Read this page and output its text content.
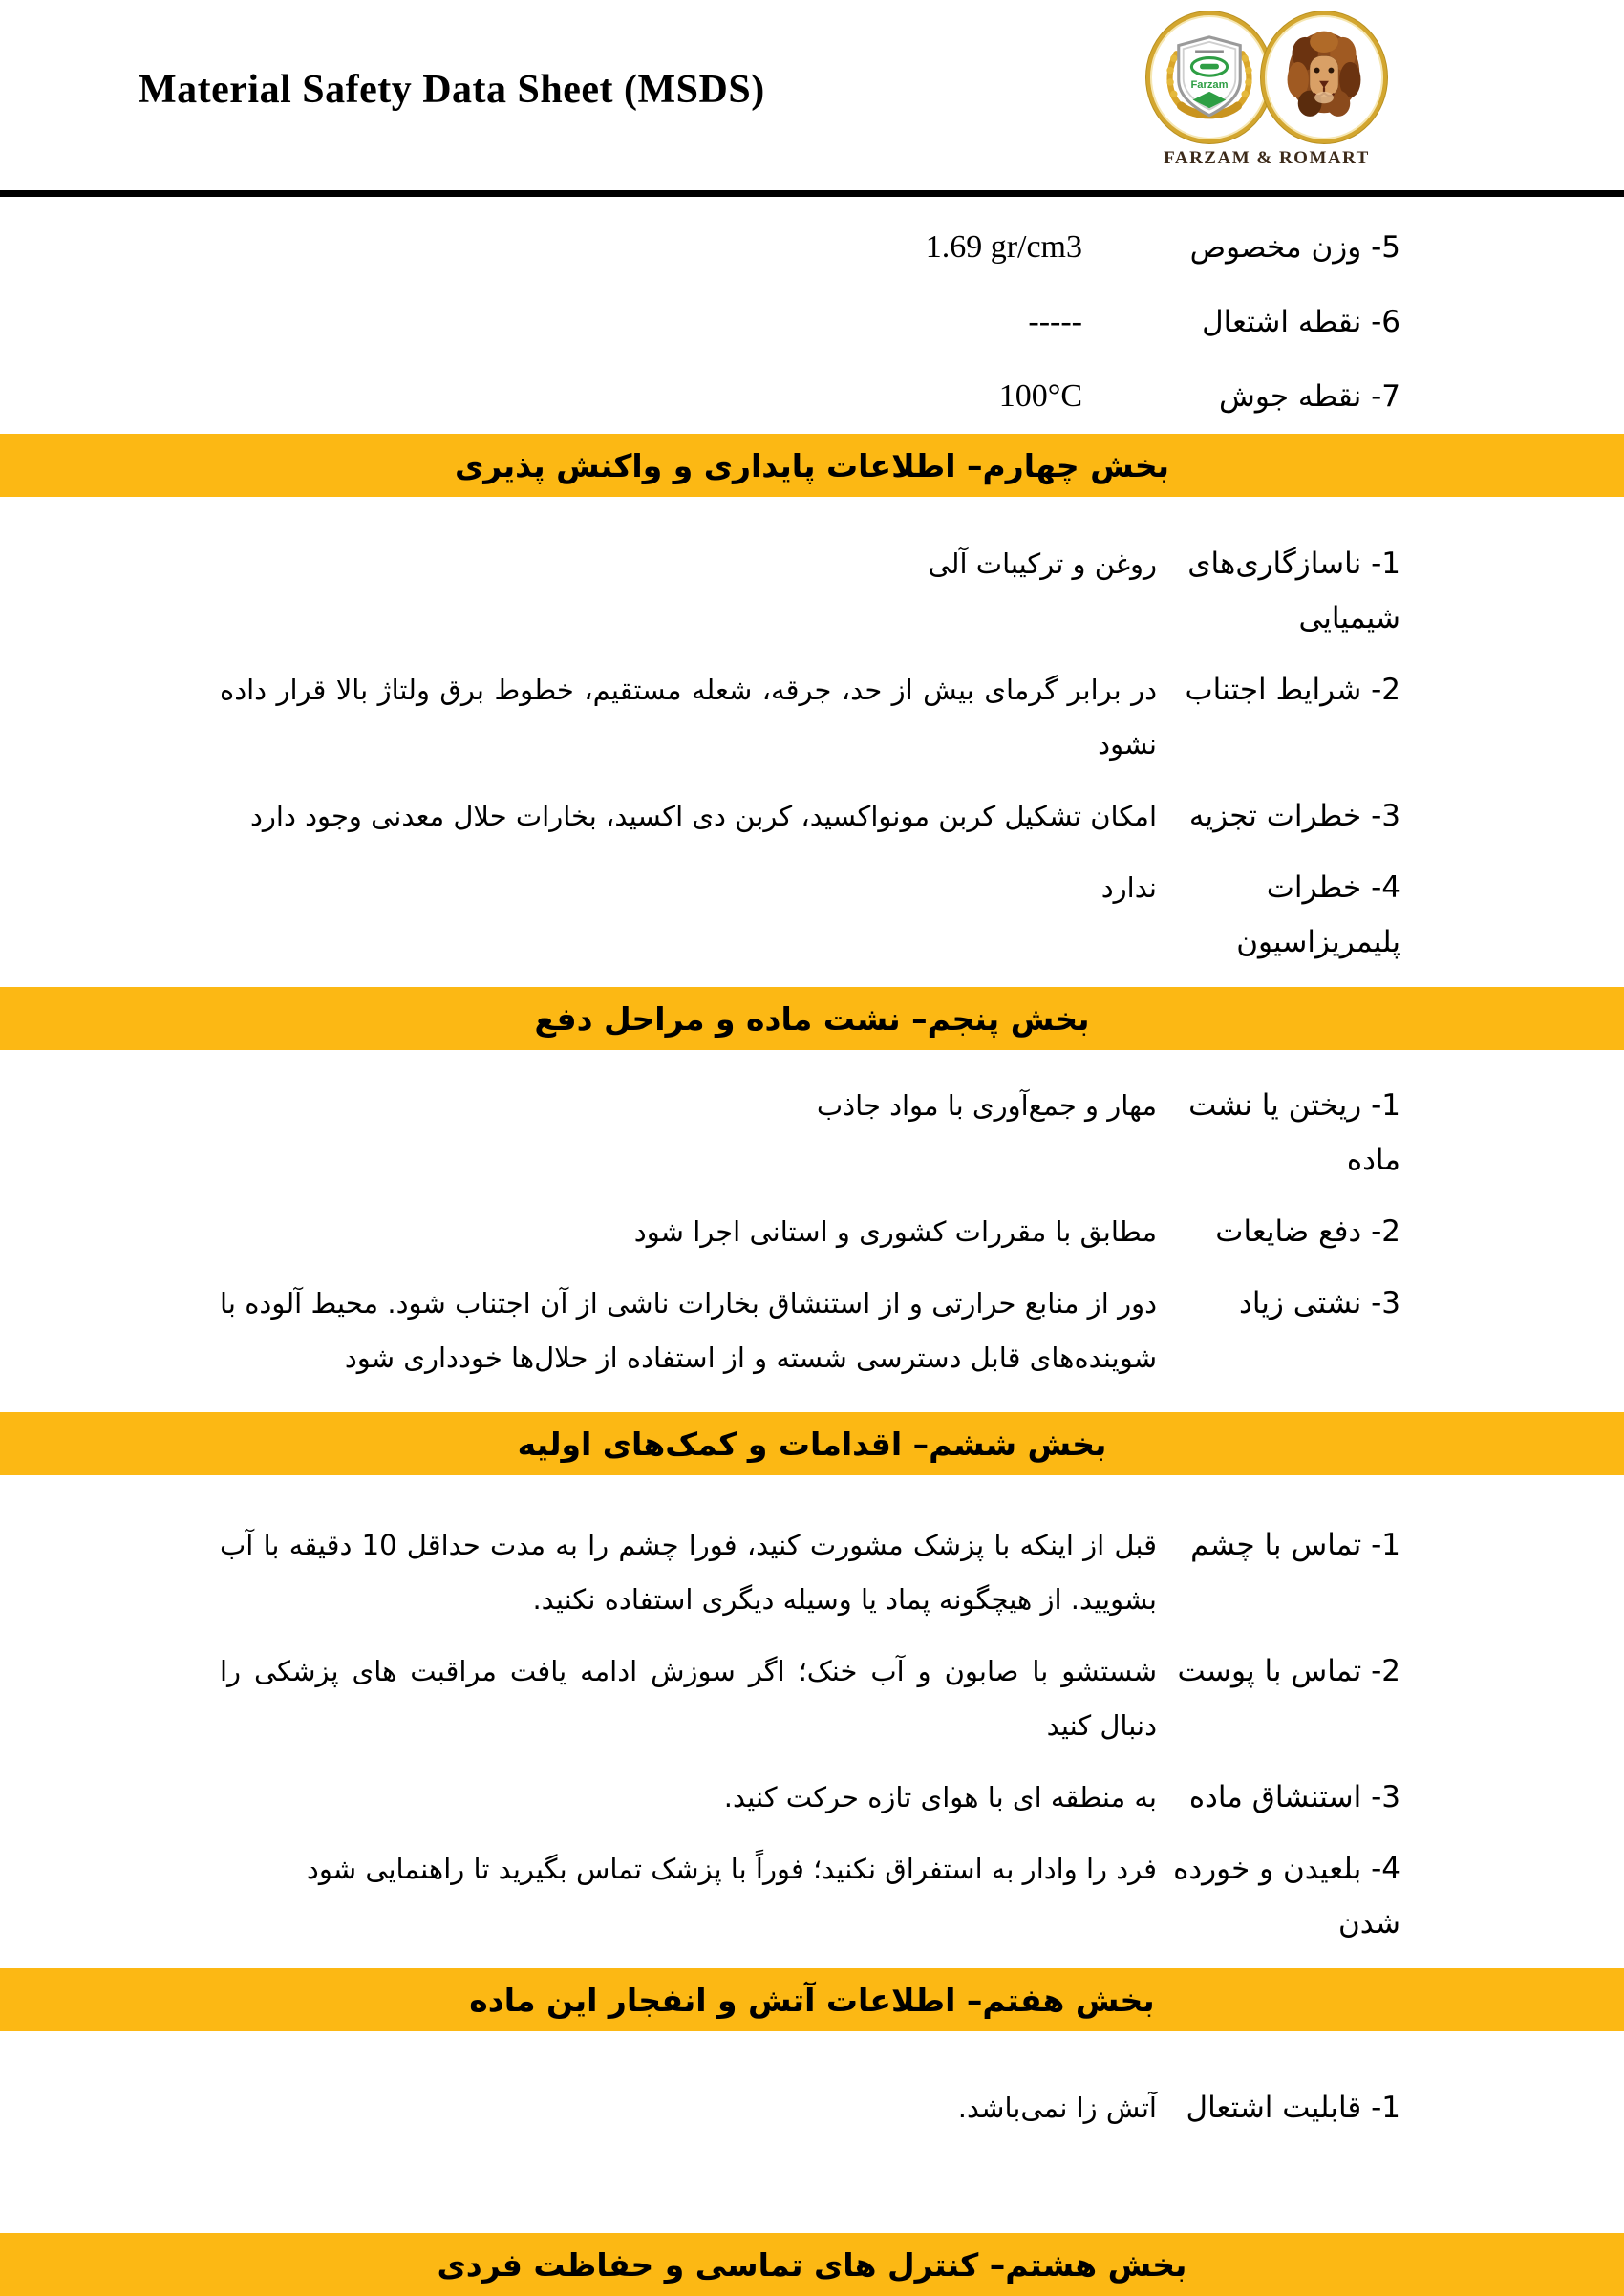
Material Safety Data Sheet (MSDS)	Farzam
FARZAM & ROMART
5- وزن مخصوص
1.69 gr/cm3
6- نقطه اشتعال
-----
7- نقطه جوش
100°C
بخش چهارم– اطلاعات پایداری و واکنش پذیری
1- ناسازگاری‌های شیمیایی
روغن و ترکیبات آلی
2- شرایط اجتناب
در برابر گرمای بیش از حد، جرقه، شعله مستقیم، خطوط برق ولتاژ بالا قرار داده نشود
3- خطرات تجزیه
امکان تشکیل کربن مونواکسید، کربن دی اکسید، بخارات حلال معدنی وجود دارد
4- خطرات پلیمریزاسیون
ندارد
بخش پنجم– نشت ماده و مراحل دفع
1- ریختن یا نشت ماده
مهار و جمع‌آوری با مواد جاذب
2- دفع ضایعات
مطابق با مقررات کشوری و استانی اجرا شود
3- نشتی زیاد
دور از منابع حرارتی و از استنشاق بخارات ناشی از آن اجتناب شود. محیط آلوده با شوینده‌های قابل دسترسی شسته و از استفاده از حلال‌ها خودداری شود
بخش ششم– اقدامات و کمک‌های اولیه
1- تماس با چشم
قبل از اینکه با پزشک مشورت کنید، فورا چشم را به مدت حداقل 10 دقیقه با آب بشویید. از هیچگونه پماد یا وسیله دیگری استفاده نکنید.
2- تماس با پوست
شستشو با صابون و آب خنک؛ اگر سوزش ادامه یافت مراقبت های پزشکی را دنبال کنید
3- استنشاق ماده
به منطقه ای با هوای تازه حرکت کنید.
4- بلعیدن و خورده شدن
فرد را وادار به استفراق نکنید؛ فوراً با پزشک تماس بگیرید تا راهنمایی شود
بخش هفتم– اطلاعات آتش و انفجار این ماده
1- قابلیت اشتعال
آتش زا نمی‌باشد.
بخش هشتم– کنترل های تماسی و حفاظت فردی
